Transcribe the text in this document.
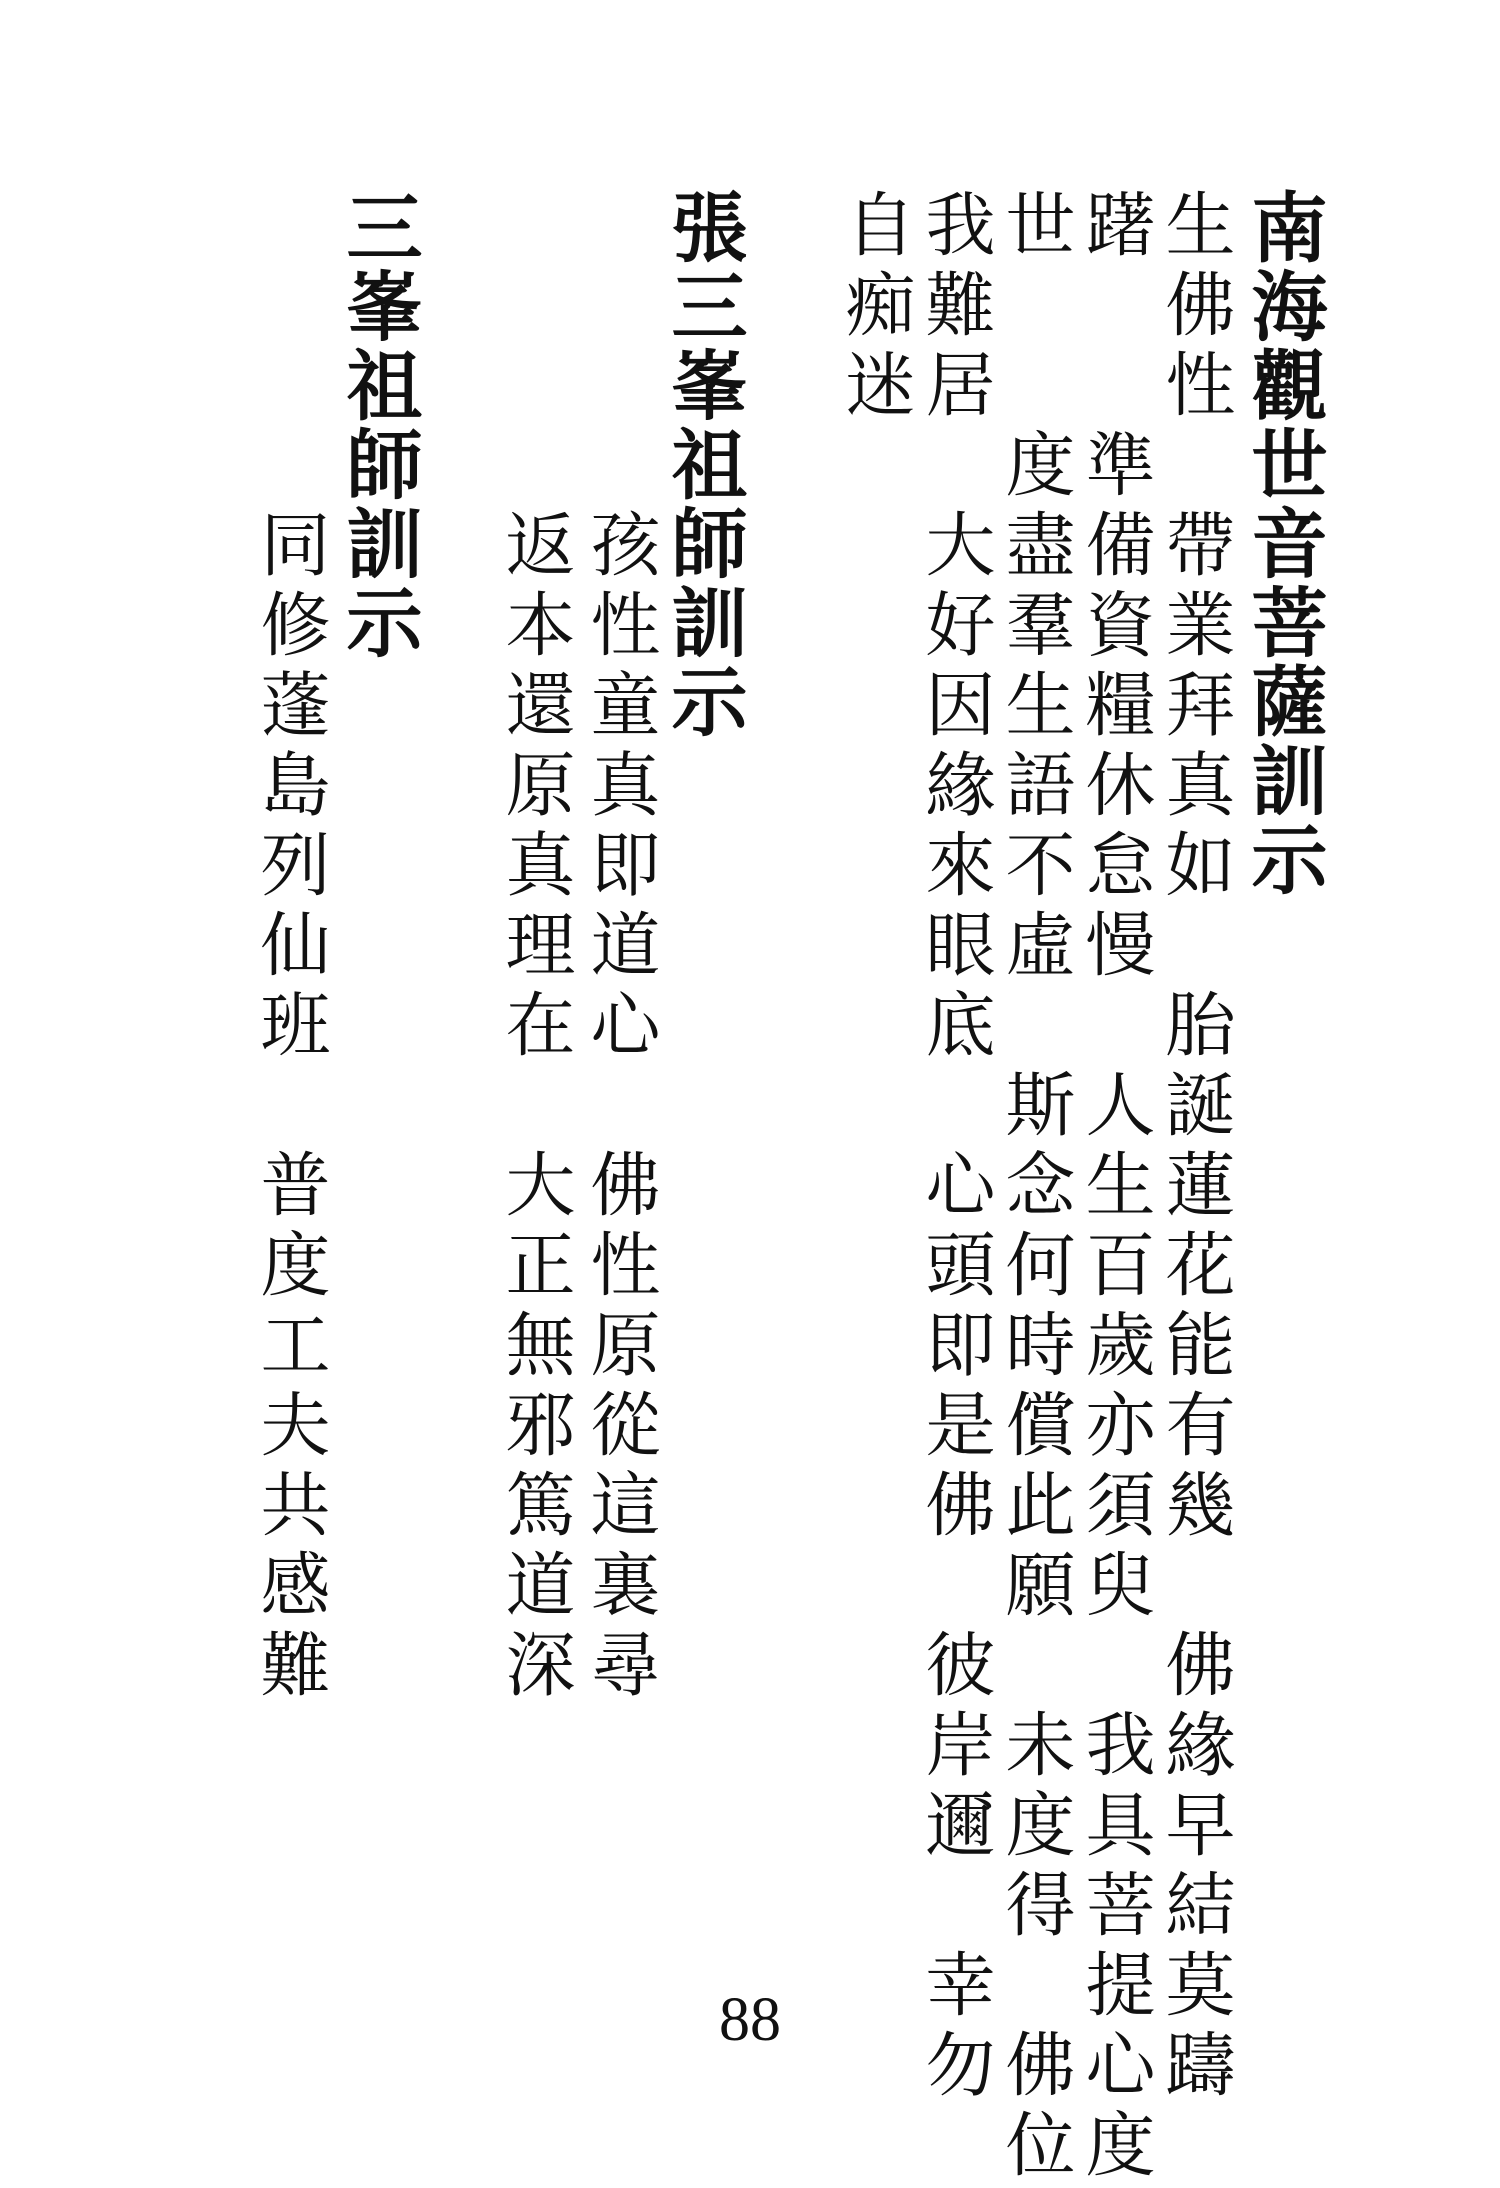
南海觀世音菩薩訓示
生佛性　帶業拜真如　胎誕蓮花能有幾　佛緣早結莫躊
躇　　準備資糧休怠慢　人生百歲亦須臾　我具菩提心度
世　　度盡羣生語不虛　斯念何時償此願　未度得　佛位
我難居　大好因緣來眼底　心頭即是佛　彼岸邇　幸勿
自痴迷
張三峯祖師訓示
孩性童真即道心　佛性原從這裏尋
返本還原真理在　大正無邪篤道深
三峯祖師訓示
同修蓬島列仙班　普度工夫共感難
88
